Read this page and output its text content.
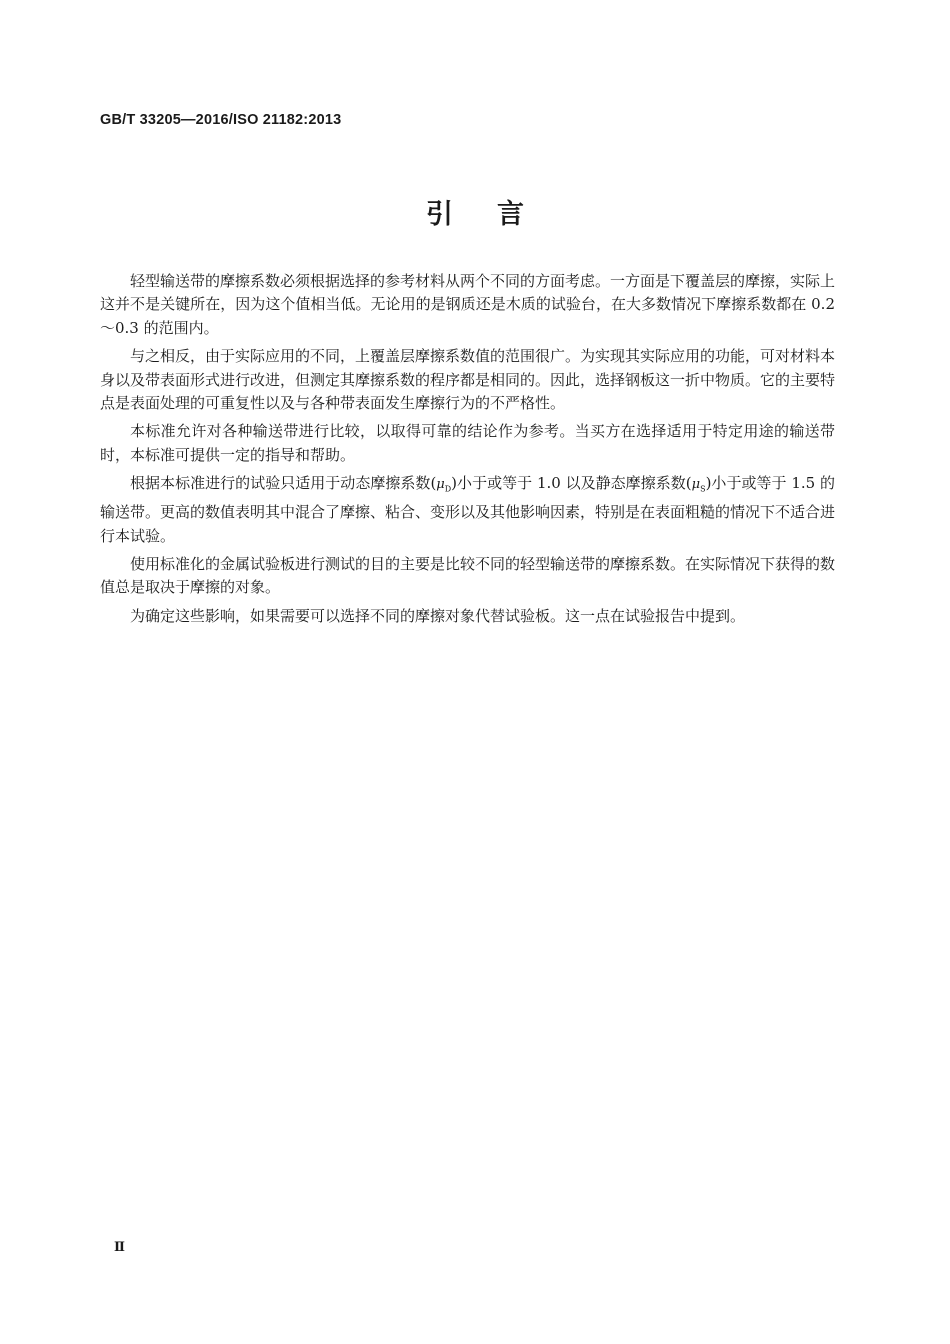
GB/T 33205—2016/ISO 21182:2013
引言

轻型输送带的摩擦系数必须根据选择的参考材料从两个不同的方面考虑。一方面是下覆盖层的摩擦，实际上这并不是关键所在，因为这个值相当低。无论用的是钢质还是木质的试验台，在大多数情况下摩擦系数都在 0.2～0.3 的范围内。

与之相反，由于实际应用的不同，上覆盖层摩擦系数值的范围很广。为实现其实际应用的功能，可对材料本身以及带表面形式进行改进，但测定其摩擦系数的程序都是相同的。因此，选择钢板这一折中物质。它的主要特点是表面处理的可重复性以及与各种带表面发生摩擦行为的不严格性。

本标准允许对各种输送带进行比较，以取得可靠的结论作为参考。当买方在选择适用于特定用途的输送带时，本标准可提供一定的指导和帮助。

根据本标准进行的试验只适用于动态摩擦系数$(\mu_D)$小于或等于 1.0 以及静态摩擦系数$(\mu_S)$小于或等于 1.5 的输送带。更高的数值表明其中混合了摩擦、粘合、变形以及其他影响因素，特别是在表面粗糙的情况下不适合进行本试验。

使用标准化的金属试验板进行测试的目的主要是比较不同的轻型输送带的摩擦系数。在实际情况下获得的数值总是取决于摩擦的对象。

为确定这些影响，如果需要可以选择不同的摩擦对象代替试验板。这一点在试验报告中提到。

Ⅱ
